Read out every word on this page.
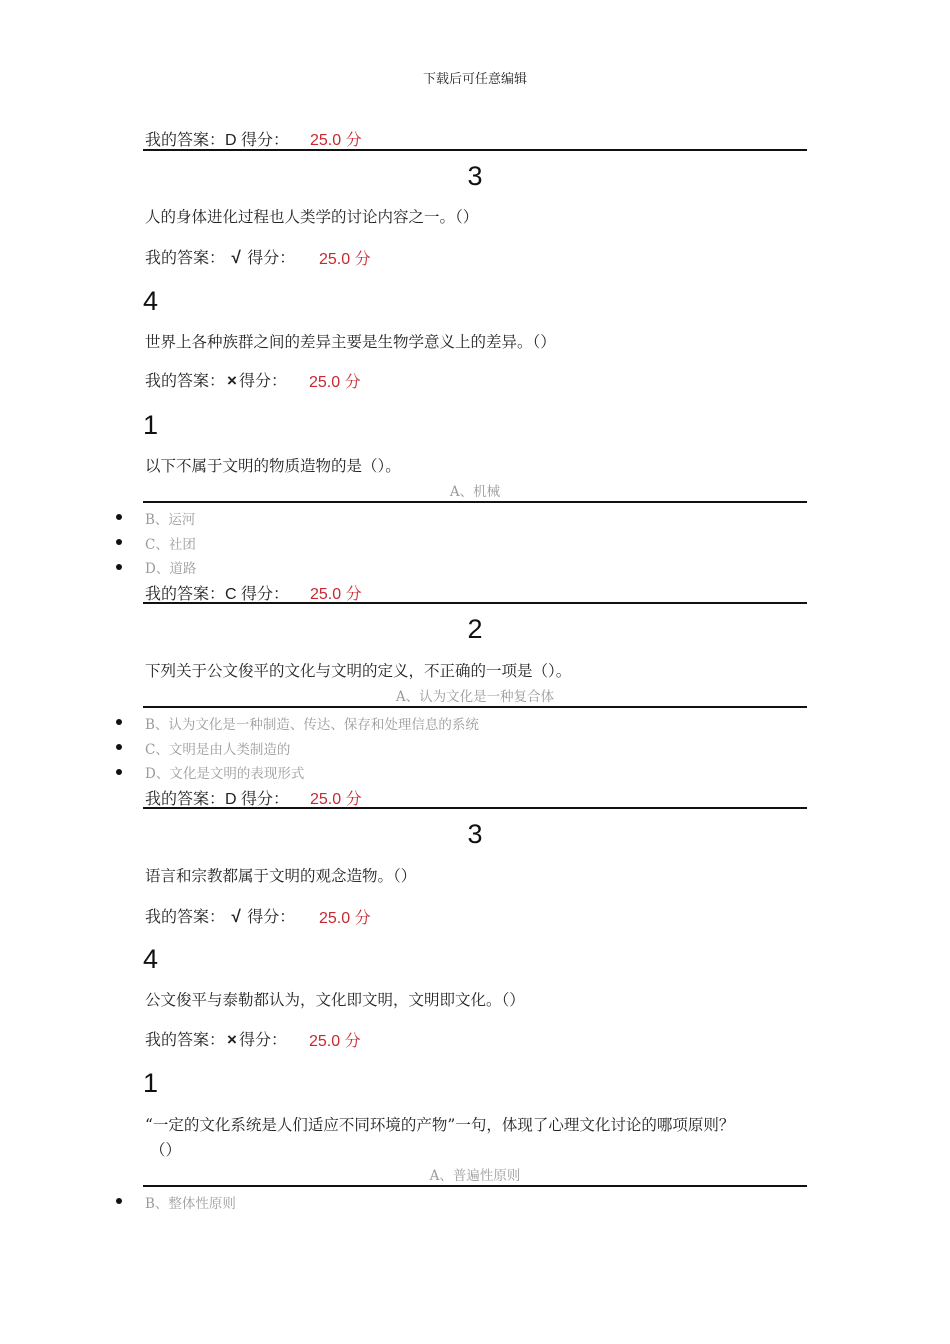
下载后可任意编辑
我的答案：D 得分： 25.0 分
3
人的身体进化过程也人类学的讨论内容之一。（）
我的答案： √ 得分： 25.0 分
4
世界上各种族群之间的差异主要是生物学意义上的差异。（）
我的答案： × 得分： 25.0 分
1
以下不属于文明的物质造物的是（）。
A、机械
B、运河
C、社团
D、道路
我的答案：C 得分： 25.0 分
2
下列关于公文俊平的文化与文明的定义，不正确的一项是（）。
A、认为文化是一种复合体
B、认为文化是一种制造、传达、保存和处理信息的系统
C、文明是由人类制造的
D、文化是文明的表现形式
我的答案：D 得分： 25.0 分
3
语言和宗教都属于文明的观念造物。（）
我的答案： √ 得分： 25.0 分
4
公文俊平与泰勒都认为，文化即文明，文明即文化。（）
我的答案： × 得分： 25.0 分
1
“一定的文化系统是人们适应不同环境的产物”一句，体现了心理文化讨论的哪项原则？
（）
A、普遍性原则
B、整体性原则
